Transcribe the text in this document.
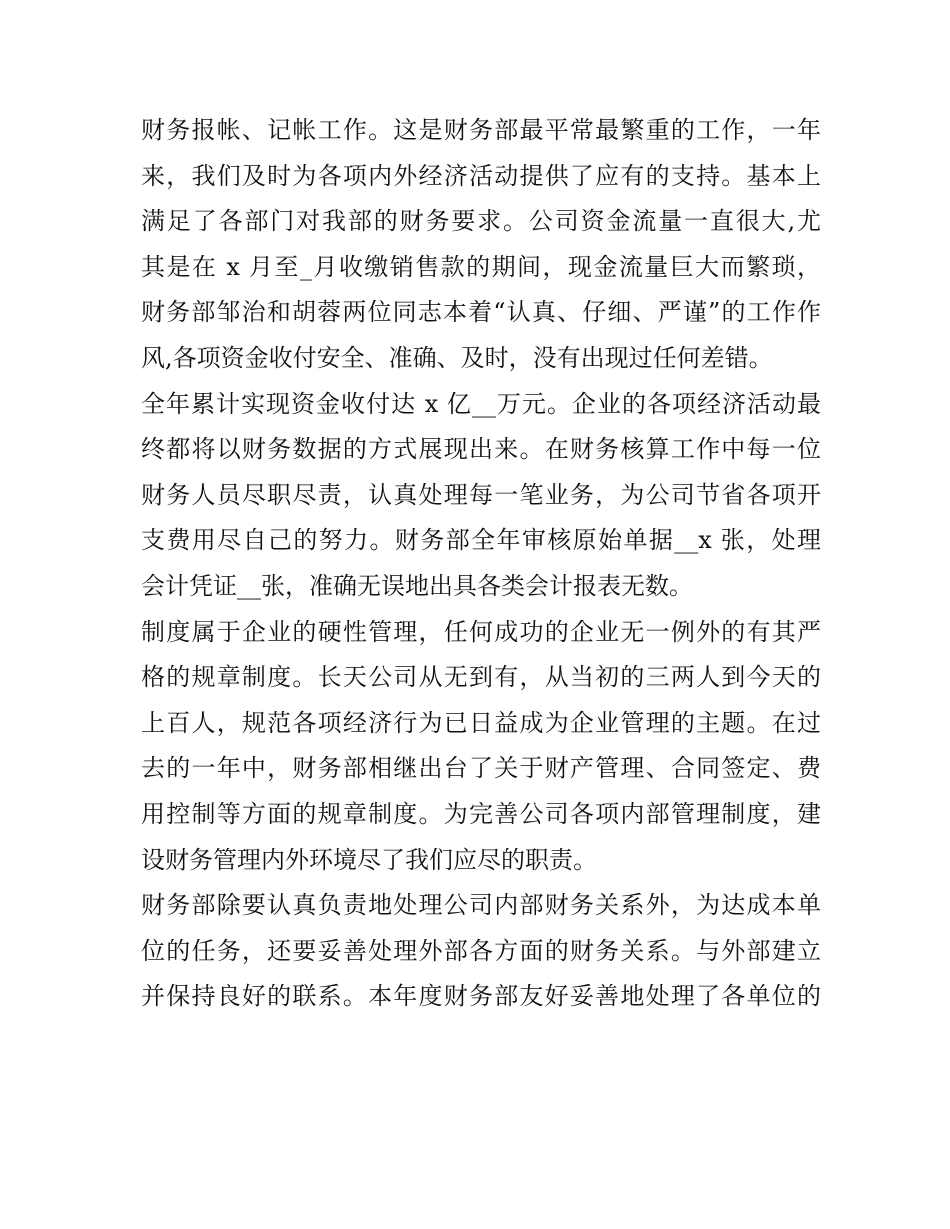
财务报帐、记帐工作。这是财务部最平常最繁重的工作，一年
来，我们及时为各项内外经济活动提供了应有的支持。基本上
满足了各部门对我部的财务要求。公司资金流量一直很大,尤
其是在 x 月至_月收缴销售款的期间，现金流量巨大而繁琐，
财务部邹治和胡蓉两位同志本着“认真、仔细、严谨”的工作作
风,各项资金收付安全、准确、及时，没有出现过任何差错。
全年累计实现资金收付达 x 亿__万元。企业的各项经济活动最
终都将以财务数据的方式展现出来。在财务核算工作中每一位
财务人员尽职尽责，认真处理每一笔业务，为公司节省各项开
支费用尽自己的努力。财务部全年审核原始单据__x 张，处理
会计凭证__张，准确无误地出具各类会计报表无数。
制度属于企业的硬性管理，任何成功的企业无一例外的有其严
格的规章制度。长天公司从无到有，从当初的三两人到今天的
上百人，规范各项经济行为已日益成为企业管理的主题。在过
去的一年中，财务部相继出台了关于财产管理、合同签定、费
用控制等方面的规章制度。为完善公司各项内部管理制度，建
设财务管理内外环境尽了我们应尽的职责。
财务部除要认真负责地处理公司内部财务关系外，为达成本单
位的任务，还要妥善处理外部各方面的财务关系。与外部建立
并保持良好的联系。本年度财务部友好妥善地处理了各单位的
